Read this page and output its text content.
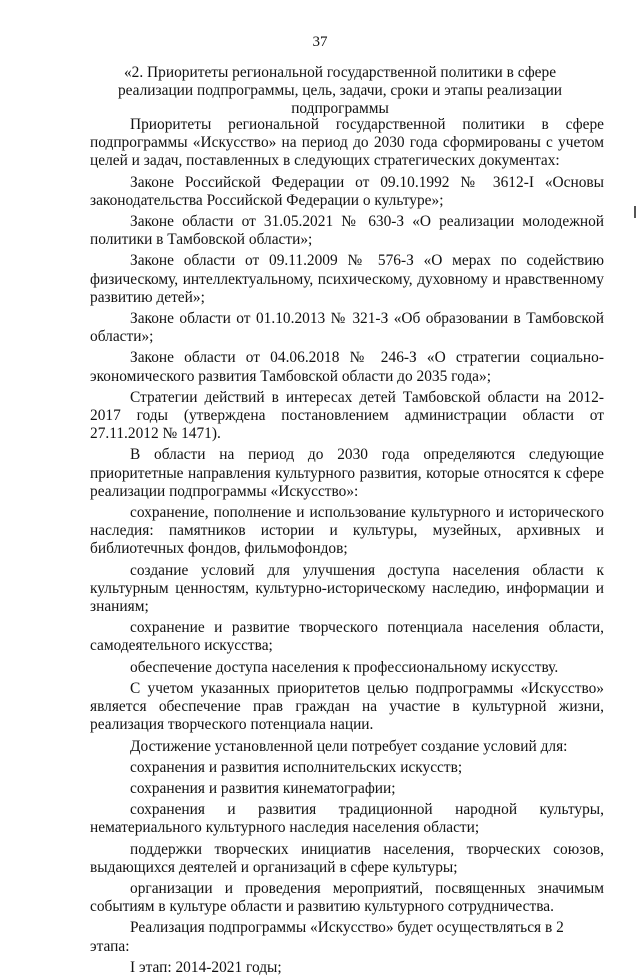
37
«2. Приоритеты региональной государственной политики в сфере
реализации подпрограммы, цель, задачи, сроки и этапы реализации
подпрограммы

Приоритеты региональной государственной политики в сфере подпрограммы «Искусство» на период до 2030 года сформированы с учетом целей и задач, поставленных в следующих стратегических документах:

Законе Российской Федерации от 09.10.1992 № 3612-I «Основы законодательства Российской Федерации о культуре»;

Законе области от 31.05.2021 № 630-З «О реализации молодежной политики в Тамбовской области»;

Законе области от 09.11.2009 № 576-З «О мерах по содействию физическому, интеллектуальному, психическому, духовному и нравственному развитию детей»;

Законе области от 01.10.2013 № 321-З «Об образовании в Тамбовской области»;

Законе области от 04.06.2018 № 246-З «О стратегии социально-экономического развития Тамбовской области до 2035 года»;

Стратегии действий в интересах детей Тамбовской области на 2012-2017 годы (утверждена постановлением администрации области от 27.11.2012 № 1471).

В области на период до 2030 года определяются следующие приоритетные направления культурного развития, которые относятся к сфере реализации подпрограммы «Искусство»:

сохранение, пополнение и использование культурного и исторического наследия: памятников истории и культуры, музейных, архивных и библиотечных фондов, фильмофондов;

создание условий для улучшения доступа населения области к культурным ценностям, культурно-историческому наследию, информации и знаниям;

сохранение и развитие творческого потенциала населения области, самодеятельного искусства;

обеспечение доступа населения к профессиональному искусству.

С учетом указанных приоритетов целью подпрограммы «Искусство» является обеспечение прав граждан на участие в культурной жизни, реализация творческого потенциала нации.

Достижение установленной цели потребует создание условий для:

сохранения и развития исполнительских искусств;

сохранения и развития кинематографии;

сохранения и развития традиционной народной культуры, нематериального культурного наследия населения области;

поддержки творческих инициатив населения, творческих союзов, выдающихся деятелей и организаций в сфере культуры;

организации и проведения мероприятий, посвященных значимым событиям в культуре области и развитию культурного сотрудничества.

Реализация подпрограммы «Искусство» будет осуществляться в 2 этапа:

I этап: 2014-2021 годы;
